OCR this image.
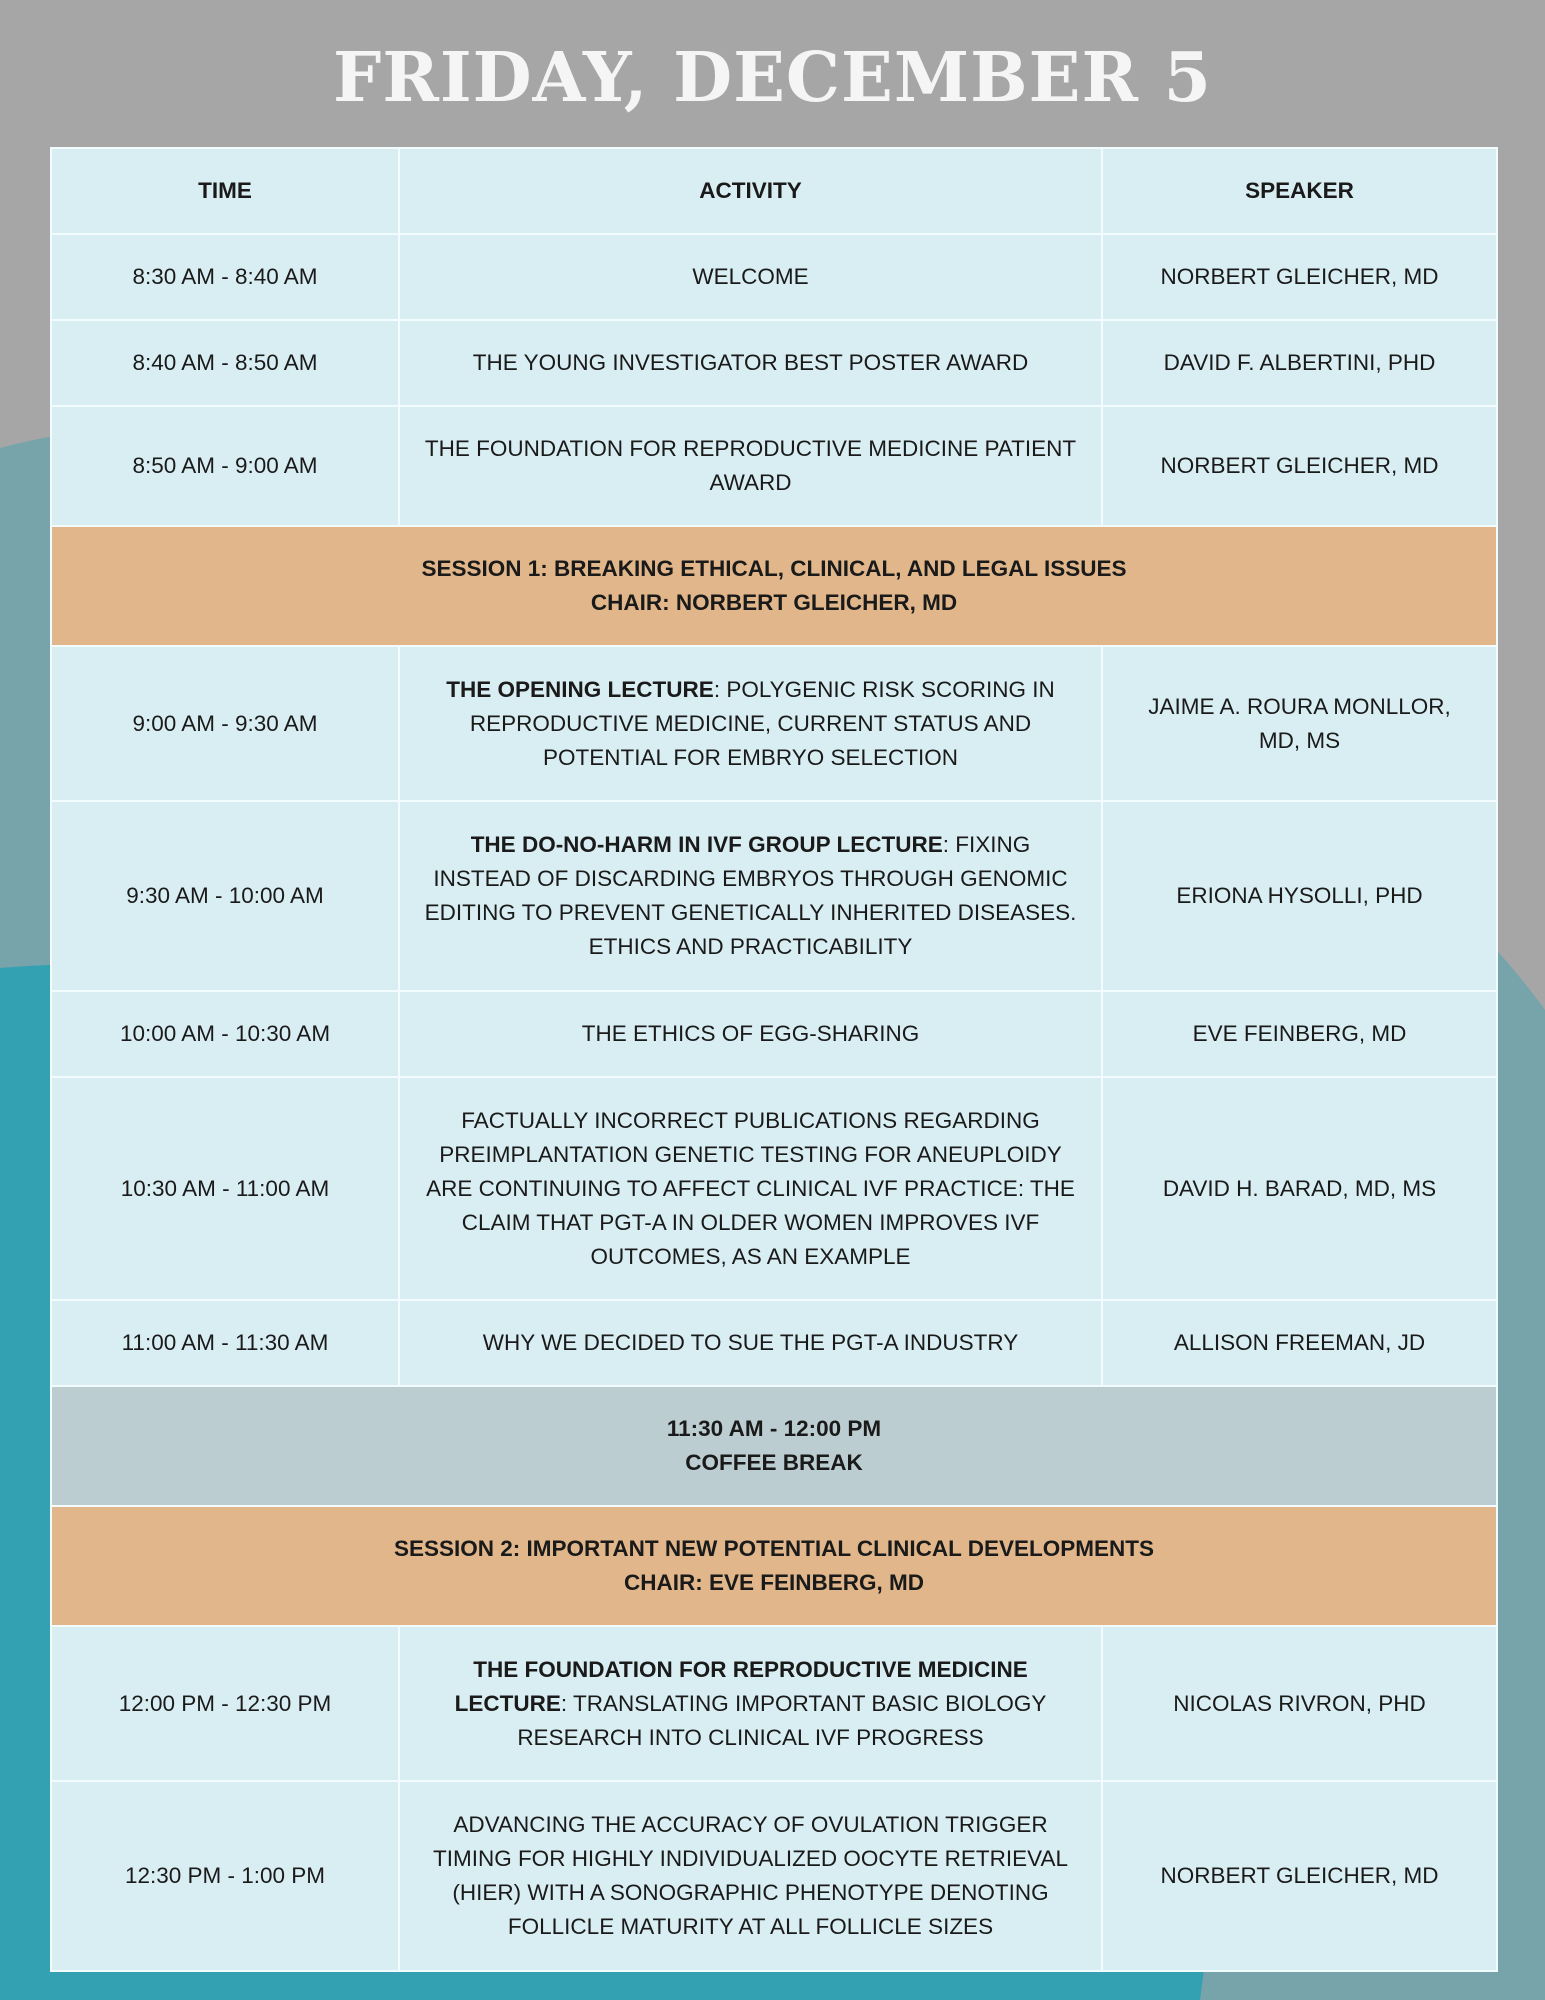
FRIDAY, DECEMBER 5
TIME	ACTIVITY	SPEAKER
8:30 AM - 8:40 AM	WELCOME	NORBERT GLEICHER, MD
8:40 AM - 8:50 AM	THE YOUNG INVESTIGATOR BEST POSTER AWARD	DAVID F. ALBERTINI, PHD
8:50 AM - 9:00 AM	THE FOUNDATION FOR REPRODUCTIVE MEDICINE PATIENT AWARD	NORBERT GLEICHER, MD

SESSION 1: BREAKING ETHICAL, CLINICAL, AND LEGAL ISSUES
CHAIR: NORBERT GLEICHER, MD		

9:00 AM - 9:30 AM	THE OPENING LECTURE: POLYGENIC RISK SCORING IN REPRODUCTIVE MEDICINE, CURRENT STATUS AND POTENTIAL FOR EMBRYO SELECTION	JAIME A. ROURA MONLLOR, MD, MS
9:30 AM - 10:00 AM	THE DO-NO-HARM IN IVF GROUP LECTURE: FIXING INSTEAD OF DISCARDING EMBRYOS THROUGH GENOMIC EDITING TO PREVENT GENETICALLY INHERITED DISEASES. ETHICS AND PRACTICABILITY	ERIONA HYSOLLI, PHD
10:00 AM - 10:30 AM	THE ETHICS OF EGG-SHARING	EVE FEINBERG, MD
10:30 AM - 11:00 AM	FACTUALLY INCORRECT PUBLICATIONS REGARDING PREIMPLANTATION GENETIC TESTING FOR ANEUPLOIDY ARE CONTINUING TO AFFECT CLINICAL IVF PRACTICE: THE CLAIM THAT PGT-A IN OLDER WOMEN IMPROVES IVF OUTCOMES, AS AN EXAMPLE	DAVID H. BARAD, MD, MS
11:00 AM - 11:30 AM	WHY WE DECIDED TO SUE THE PGT-A INDUSTRY	ALLISON FREEMAN, JD

11:30 AM - 12:00 PM
COFFEE BREAK		

SESSION 2: IMPORTANT NEW POTENTIAL CLINICAL DEVELOPMENTS
CHAIR: EVE FEINBERG, MD		

12:00 PM - 12:30 PM	THE FOUNDATION FOR REPRODUCTIVE MEDICINE LECTURE: TRANSLATING IMPORTANT BASIC BIOLOGY RESEARCH INTO CLINICAL IVF PROGRESS	NICOLAS RIVRON, PHD
12:30 PM - 1:00 PM	ADVANCING THE ACCURACY OF OVULATION TRIGGER TIMING FOR HIGHLY INDIVIDUALIZED OOCYTE RETRIEVAL (HIER) WITH A SONOGRAPHIC PHENOTYPE DENOTING FOLLICLE MATURITY AT ALL FOLLICLE SIZES	NORBERT GLEICHER, MD
